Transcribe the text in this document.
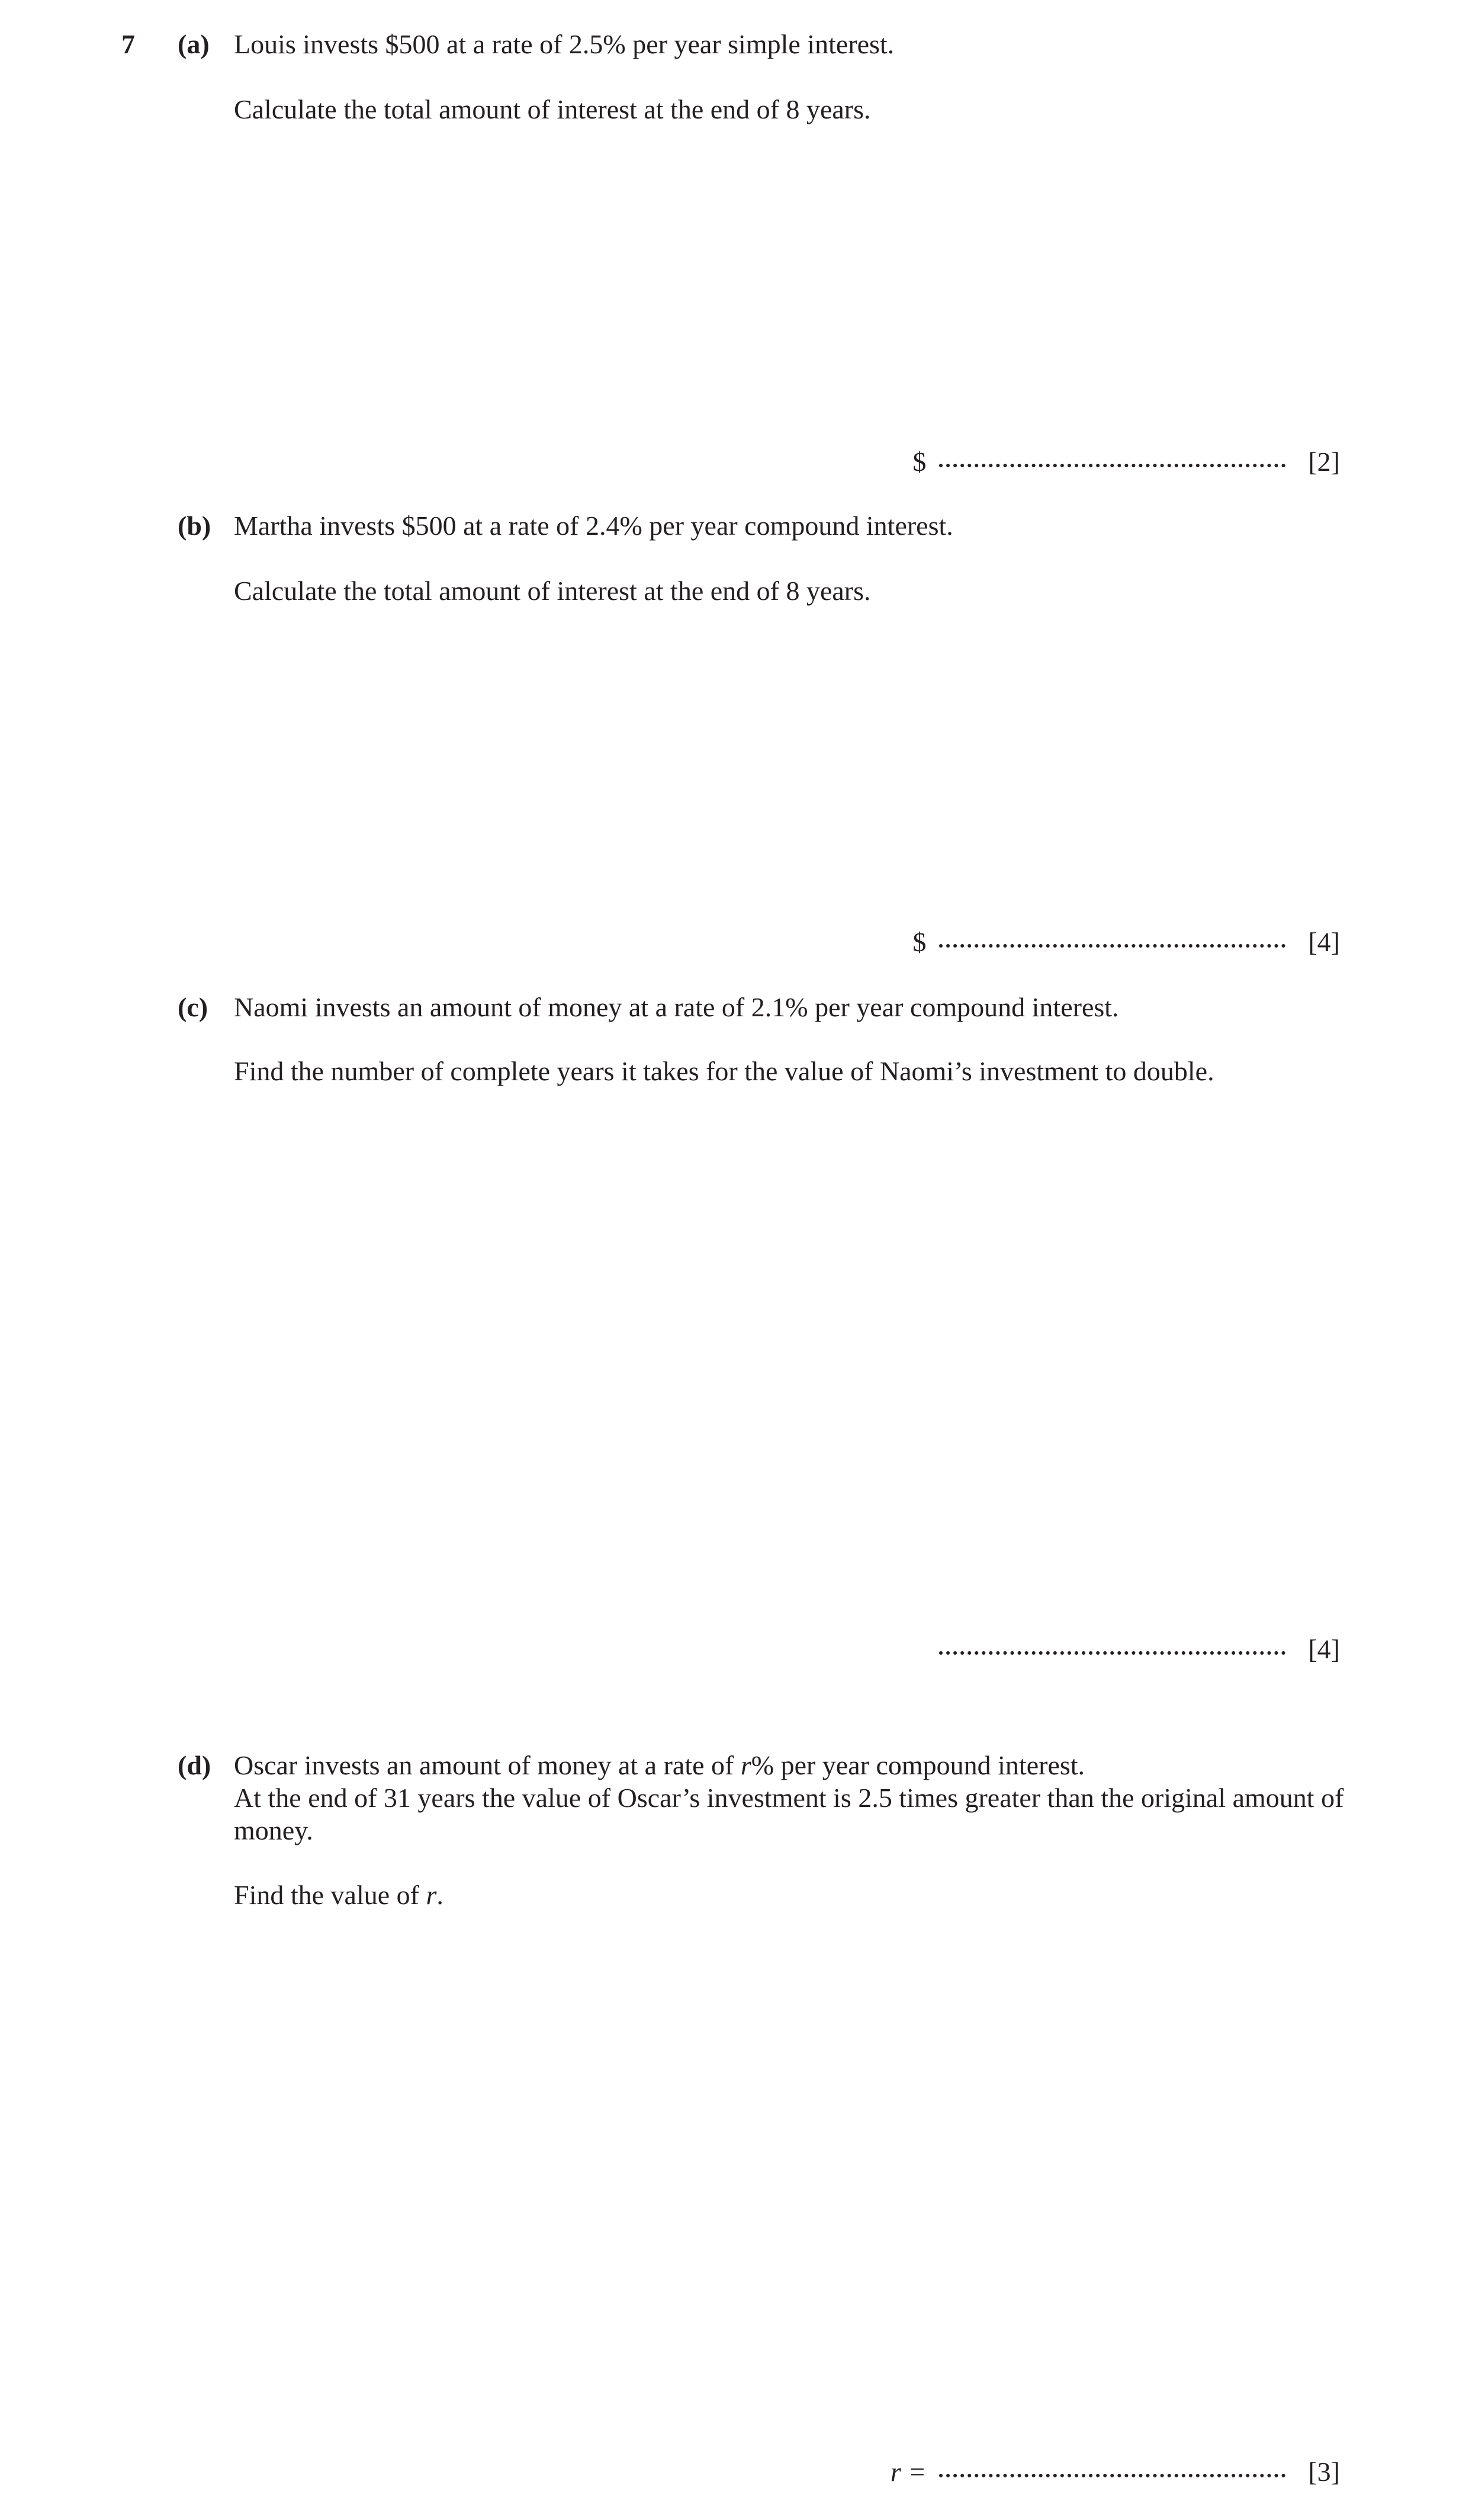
7 (a) Louis invests $500 at a rate of 2.5% per year simple interest.
Calculate the total amount of interest at the end of 8 years.
$	[2]
(b) Martha invests $500 at a rate of 2.4% per year compound interest.
Calculate the total amount of interest at the end of 8 years.
$	[4]
(c) Naomi invests an amount of money at a rate of 2.1% per year compound interest.
Find the number of complete years it takes for the value of Naomi’s investment to double.
[4]
(d) Oscar invests an amount of money at a rate of r% per year compound interest.
At the end of 31 years the value of Oscar’s investment is 2.5 times greater than the original amount of money.
Find the value of r.
r =	[3]
